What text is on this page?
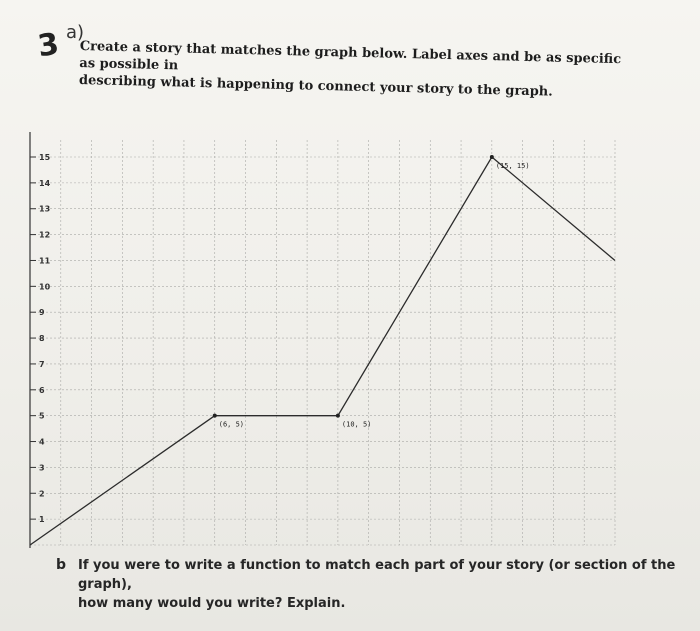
3 a)
Create a story that matches the graph below. Label axes and be as specific as possible in
describing what is happening to connect your story to the graph.
15
14
13
12
11
10
9
8
7
6
5
4
3
2
1
(6, 5)	(10, 5)
(15, 15)
b If you were to write a function to match each part of your story (or section of the graph),
how many would you write? Explain.
